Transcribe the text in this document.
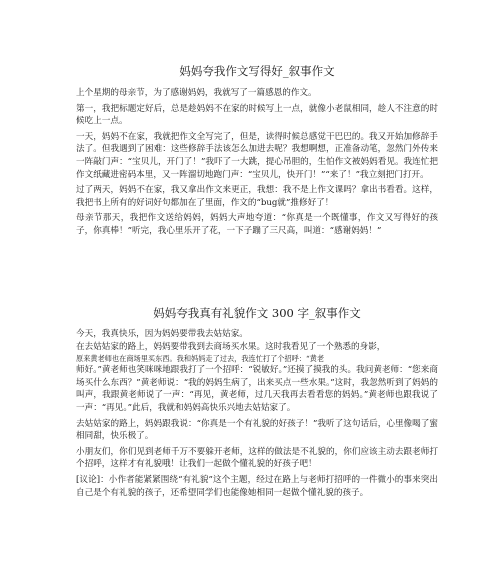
妈妈夸我作文写得好_叙事作文

上个星期的母亲节，为了感谢妈妈，我就写了一篇感恩的作文。

第一，我把标题定好后，总是趁妈妈不在家的时候写上一点，就像小老鼠相同，趁人不注意的时候吃上一点。

一天，妈妈不在家，我就把作文全写完了，但是，读得时候总感觉干巴巴的。我又开始加修辞手法了。但我遇到了困难：这些修辞手法该怎么加进去呢？我想啊想，正准备动笔，忽然门外传来一阵敲门声：“宝贝儿，开门了！”我吓了一大跳，提心吊胆的，生怕作文被妈妈看见。我连忙把作文纸藏进密码本里，又一阵溜切地跑门声：“宝贝儿，快开门！”“来了！”我立刻把门打开。

过了两天，妈妈不在家，我又拿出作文来更正，我想：我不是上作文课吗？拿出书看看。这样，我把书上所有的好词好句都加在了里面，作文的“bug就”推修好了！

母亲节那天，我把作文送给妈妈，妈妈大声地夸道：“你真是一个既懂事，作文又写得好的孩子，你真棒！”听完，我心里乐开了花，一下子蹦了三尺高，叫道：“感谢妈妈！”

妈妈夸我真有礼貌作文 300 字_叙事作文

今天，我真快乐，因为妈妈要带我去姑姑家。

在去姑姑家的路上，妈妈要带我到去商场买水果。这时我看见了一个熟悉的身影，

原来黄老师也在商场里买东西。我和妈妈走了过去，我连忙打了个招呼：“黄老

师好。”黄老师也笑咪咪地跟我打了一个招呼：“锐敏好。”还摸了摸我的头。我问黄老师：“您来商场买什么东西？”黄老师说：“我的妈妈生病了，出来买点一些水果。”这时，我忽然听到了妈妈的叫声，我跟黄老师说了一声：“再见，黄老师，过几天我再去看看您的妈妈。”黄老师也跟我说了一声：“再见。”此后，我就和妈妈高快乐兴地去姑姑家了。

去姑姑家的路上，妈妈跟我说：“你真是一个有礼貌的好孩子！”我听了这句话后，心里像喝了蜜相同甜，快乐极了。

小朋友们，你们见到老师千万不要躲开老师，这样的做法是不礼貌的，你们应该主动去跟老师打个招呼，这样才有礼貌哦！让我们一起做个懂礼貌的好孩子吧！

[议论]：小作者能紧紧围绕“有礼貌”这个主题，经过在路上与老师打招呼的一件微小的事来突出自己是个有礼貌的孩子，还希望同学们也能像她相同一起做个懂礼貌的孩子。
